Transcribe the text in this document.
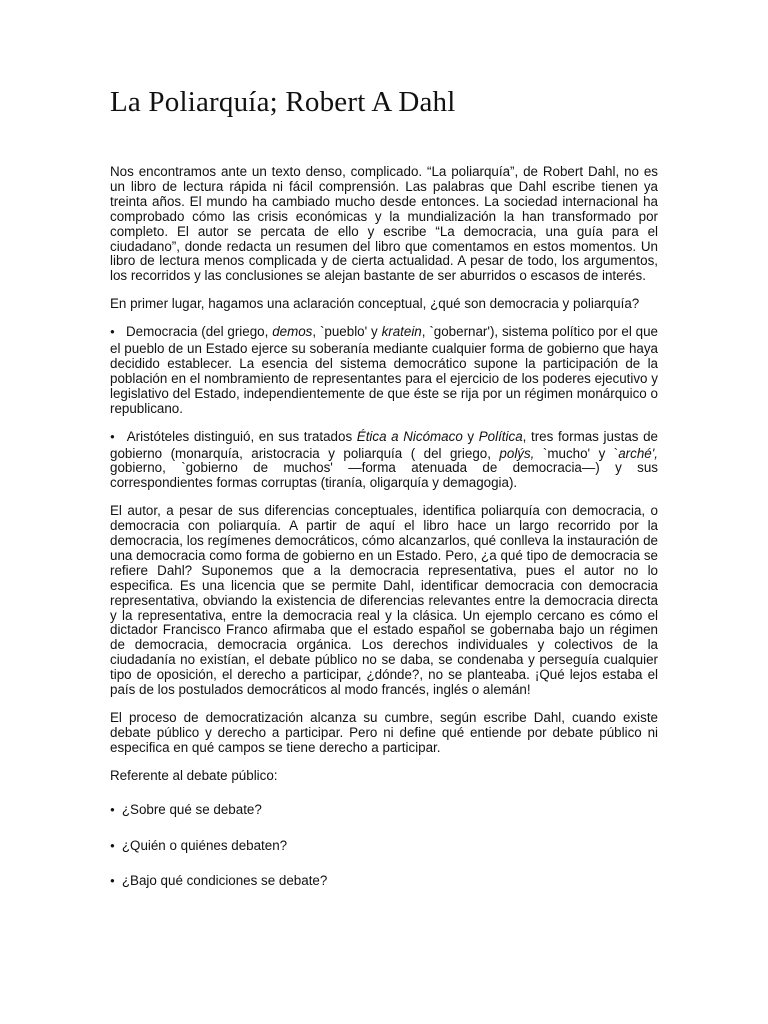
La Poliarquía; Robert A Dahl

Nos encontramos ante un texto denso, complicado. “La poliarquía”, de Robert Dahl, no es un libro de lectura rápida ni fácil comprensión. Las palabras que Dahl escribe tienen ya treinta años. El mundo ha cambiado mucho desde entonces. La sociedad internacional ha comprobado cómo las crisis económicas y la mundialización la han transformado por completo. El autor se percata de ello y escribe “La democracia, una guía para el ciudadano”, donde redacta un resumen del libro que comentamos en estos momentos. Un libro de lectura menos complicada y de cierta actualidad. A pesar de todo, los argumentos, los recorridos y las conclusiones se alejan bastante de ser aburridos o escasos de interés.

En primer lugar, hagamos una aclaración conceptual, ¿qué son democracia y poliarquía?

● Democracia (del griego, demos, `pueblo' y kratein, `gobernar'), sistema político por el que el pueblo de un Estado ejerce su soberanía mediante cualquier forma de gobierno que haya decidido establecer. La esencia del sistema democrático supone la participación de la población en el nombramiento de representantes para el ejercicio de los poderes ejecutivo y legislativo del Estado, independientemente de que éste se rija por un régimen monárquico o republicano.

● Aristóteles distinguió, en sus tratados Ética a Nicómaco y Política, tres formas justas de gobierno (monarquía, aristocracia y poliarquía ( del griego, polýs, `mucho' y `arché', gobierno, `gobierno de muchos' —forma atenuada de democracia—) y sus correspondientes formas corruptas (tiranía, oligarquía y demagogia).

El autor, a pesar de sus diferencias conceptuales, identifica poliarquía con democracia, o democracia con poliarquía. A partir de aquí el libro hace un largo recorrido por la democracia, los regímenes democráticos, cómo alcanzarlos, qué conlleva la instauración de una democracia como forma de gobierno en un Estado. Pero, ¿a qué tipo de democracia se refiere Dahl? Suponemos que a la democracia representativa, pues el autor no lo especifica. Es una licencia que se permite Dahl, identificar democracia con democracia representativa, obviando la existencia de diferencias relevantes entre la democracia directa y la representativa, entre la democracia real y la clásica. Un ejemplo cercano es cómo el dictador Francisco Franco afirmaba que el estado español se gobernaba bajo un régimen de democracia, democracia orgánica. Los derechos individuales y colectivos de la ciudadanía no existían, el debate público no se daba, se condenaba y perseguía cualquier tipo de oposición, el derecho a participar, ¿dónde?, no se planteaba. ¡Qué lejos estaba el país de los postulados democráticos al modo francés, inglés o alemán!

El proceso de democratización alcanza su cumbre, según escribe Dahl, cuando existe debate público y derecho a participar. Pero ni define qué entiende por debate público ni especifica en qué campos se tiene derecho a participar.

Referente al debate público:

● ¿Sobre qué se debate?
● ¿Quién o quiénes debaten?
● ¿Bajo qué condiciones se debate?
